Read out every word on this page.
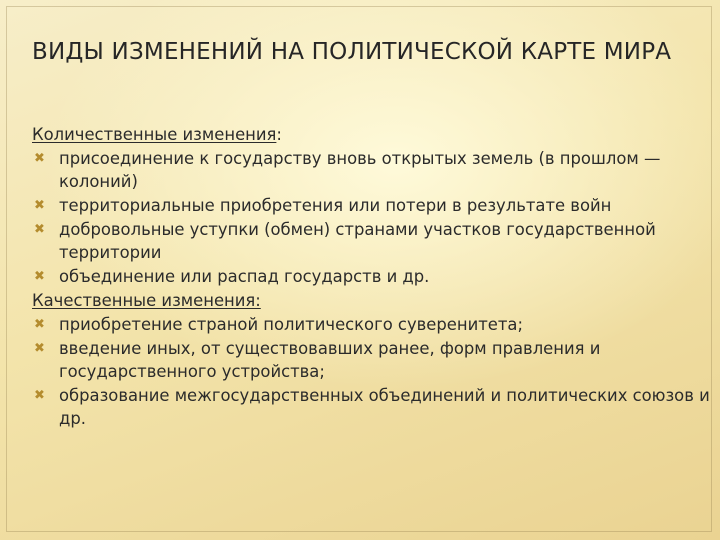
ВИДЫ ИЗМЕНЕНИЙ НА ПОЛИТИЧЕСКОЙ КАРТЕ МИРА
Количественные изменения :
✖ присоединение к государству вновь открытых земель (в прошлом — колоний)
✖ территориальные приобретения или потери в результате войн
✖ добровольные уступки (обмен) странами участков государственной территории
✖ объединение или распад государств и др.
Качественные изменения:
✖ приобретение страной политического суверенитета;
✖ введение иных, от существовавших ранее, форм правления и государственного устройства;
✖ образование межгосударственных объединений и политических союзов и др.
